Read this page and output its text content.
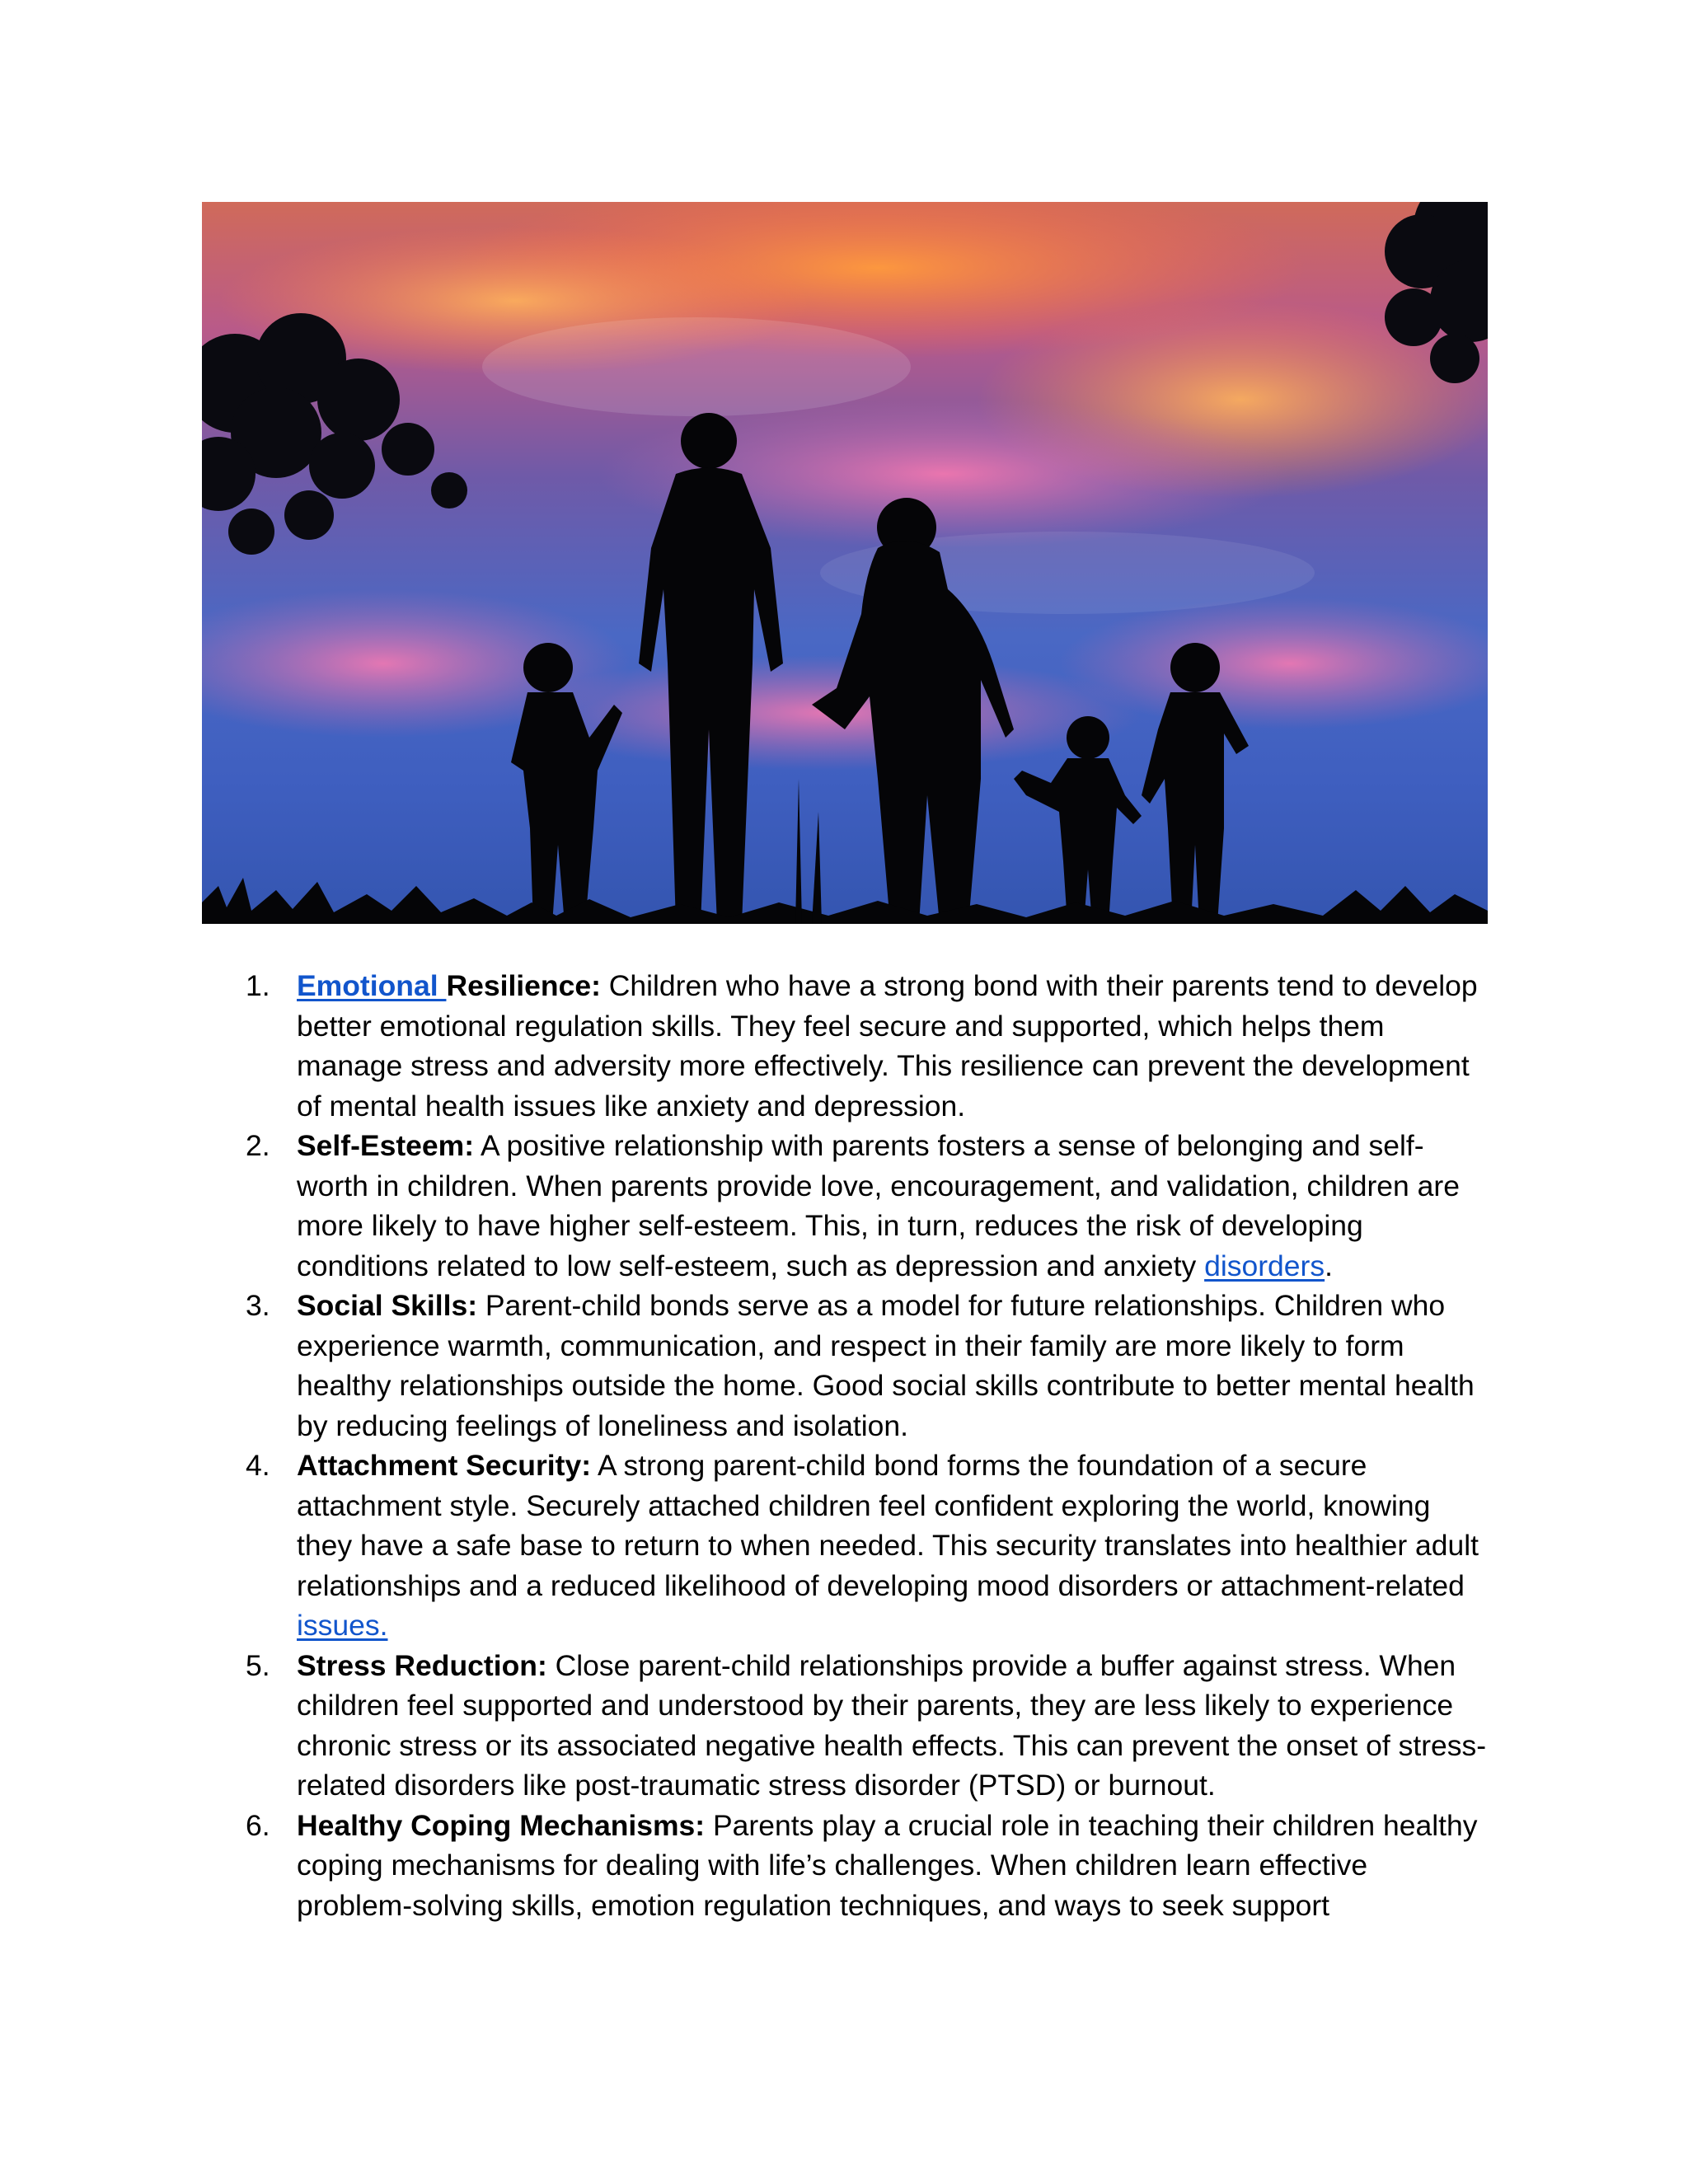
1. Emotional Resilience: Children who have a strong bond with their parents tend to develop better emotional regulation skills. They feel secure and supported, which helps them manage stress and adversity more effectively. This resilience can prevent the development of mental health issues like anxiety and depression.
2. Self-Esteem: A positive relationship with parents fosters a sense of belonging and self-worth in children. When parents provide love, encouragement, and validation, children are more likely to have higher self-esteem. This, in turn, reduces the risk of developing conditions related to low self-esteem, such as depression and anxiety disorders.
3. Social Skills: Parent-child bonds serve as a model for future relationships. Children who experience warmth, communication, and respect in their family are more likely to form healthy relationships outside the home. Good social skills contribute to better mental health by reducing feelings of loneliness and isolation.
4. Attachment Security: A strong parent-child bond forms the foundation of a secure attachment style. Securely attached children feel confident exploring the world, knowing they have a safe base to return to when needed. This security translates into healthier adult relationships and a reduced likelihood of developing mood disorders or attachment-related issues.
5. Stress Reduction: Close parent-child relationships provide a buffer against stress. When children feel supported and understood by their parents, they are less likely to experience chronic stress or its associated negative health effects. This can prevent the onset of stress-related disorders like post-traumatic stress disorder (PTSD) or burnout.
6. Healthy Coping Mechanisms: Parents play a crucial role in teaching their children healthy coping mechanisms for dealing with life’s challenges. When children learn effective problem-solving skills, emotion regulation techniques, and ways to seek support
